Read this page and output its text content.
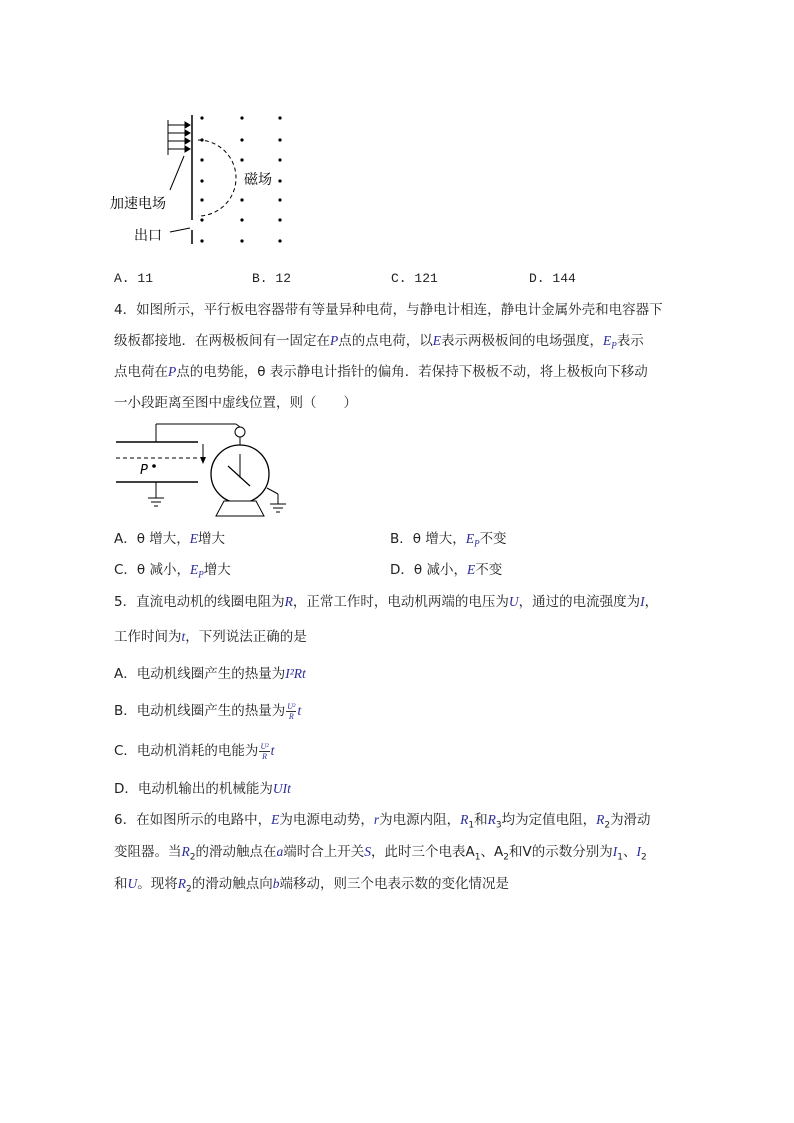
磁场
加速电场
出口
A. 11	B. 12	C. 121	D. 144
4．如图所示，平行板电容器带有等量异种电荷，与静电计相连，静电计金属外壳和电容器下
级板都接地．在两极板间有一固定在P点的点电荷，以E表示两极板间的电场强度，$E_P$表示
点电荷在P点的电势能，θ 表示静电计指针的偏角．若保持下极板不动，将上极板向下移动
一小段距离至图中虚线位置，则（　　）
P
A．θ 增大，E增大	B．θ 增大，$E_P$不变
C．θ 减小，$E_P$增大	D．θ 减小，E不变
5．直流电动机的线圈电阻为R，正常工作时，电动机两端的电压为U，通过的电流强度为I，
工作时间为t，下列说法正确的是
A．电动机线圈产生的热量为I²Rt
B．电动机线圈产生的热量为 $\frac{\text{U²}}{R}$ t
C．电动机消耗的电能为 $\frac{\text{U²}}{R}$ t
D．电动机输出的机械能为UIt
6．在如图所示的电路中，E为电源电动势，r为电源内阻，$R_1$和$R_3$均为定值电阻，$R_2$为滑动
变阻器。当$R_2$的滑动触点在a端时合上开关S，此时三个电表$A_1$、$A_2$和V的示数分别为$I_1$、$I_2$
和U。现将$R_2$的滑动触点向b端移动，则三个电表示数的变化情况是
